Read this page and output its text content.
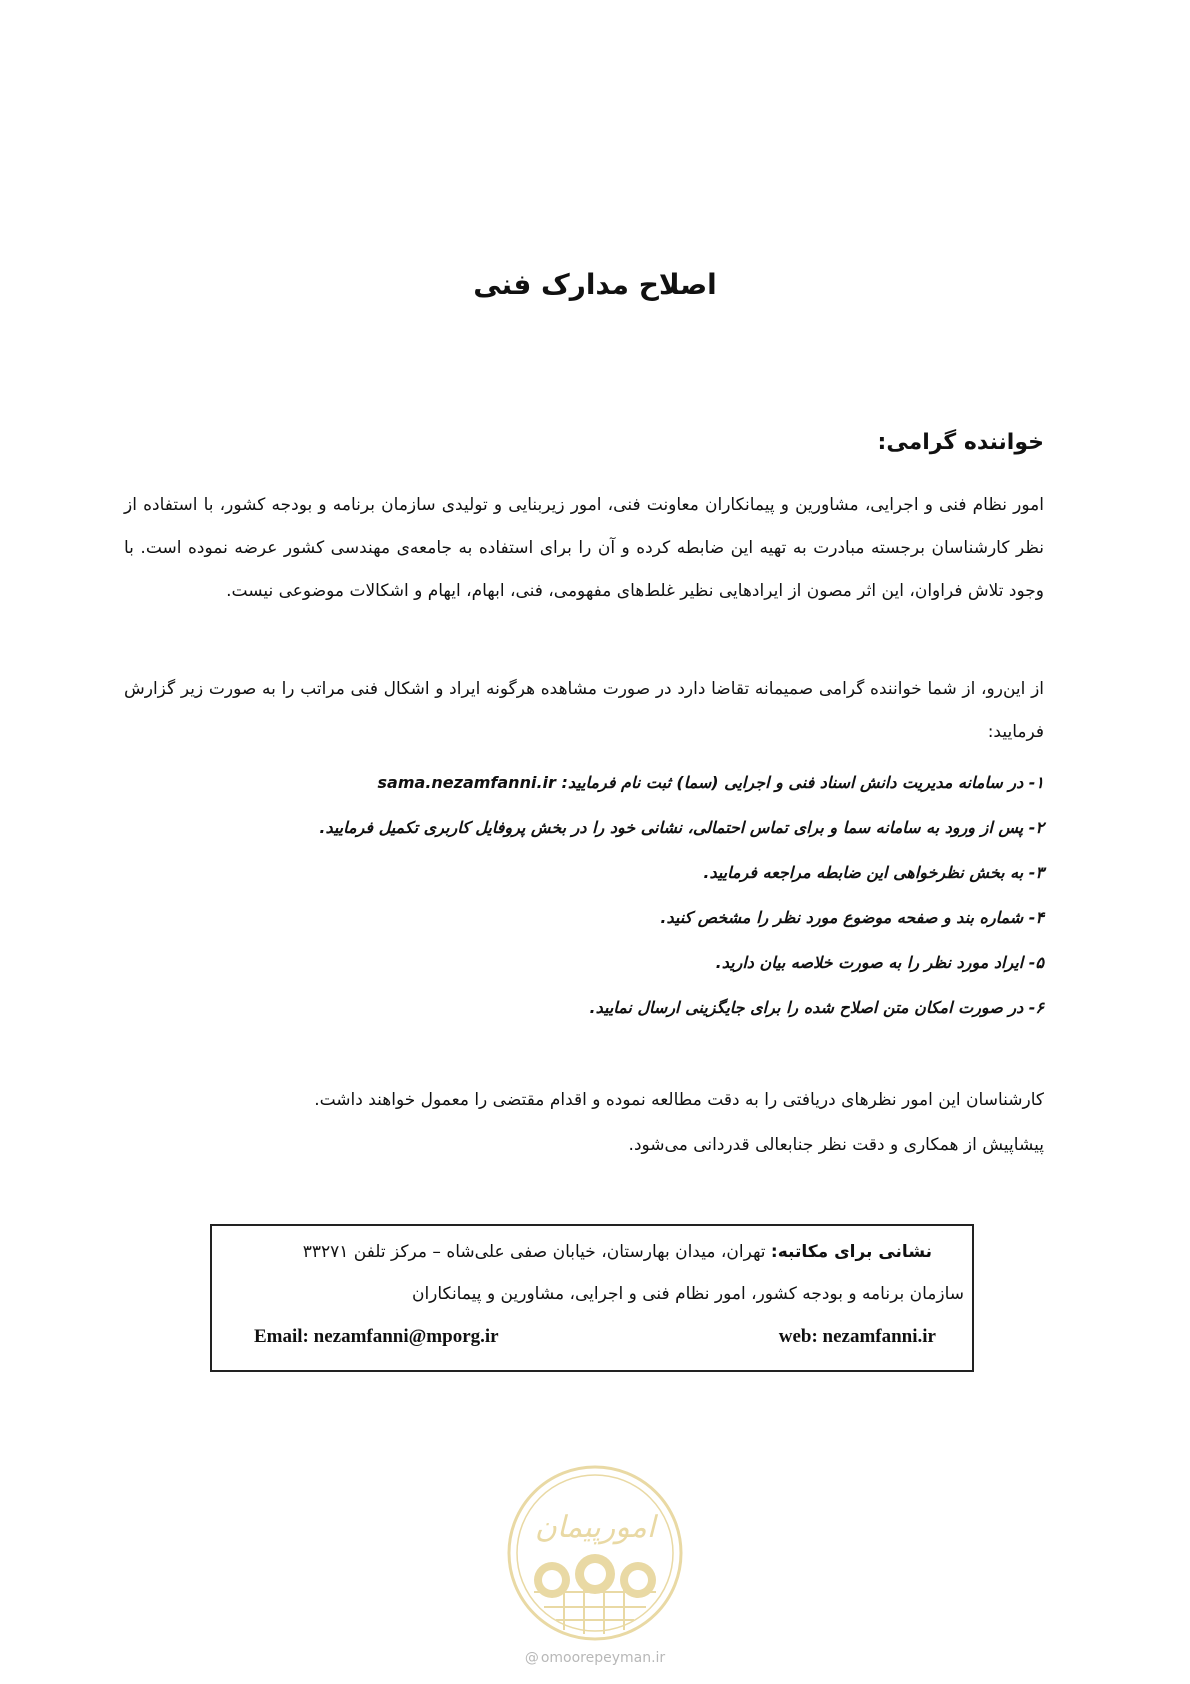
اصلاح مدارک فنی
خواننده گرامی:
امور نظام فنی و اجرایی، مشاورین و پیمانکاران معاونت فنی، امور زیربنایی و تولیدی سازمان برنامه و بودجه کشور، با استفاده از نظر کارشناسان برجسته مبادرت به تهیه این ضابطه کرده و آن را برای استفاده به جامعه‌ی مهندسی کشور عرضه نموده است. با وجود تلاش فراوان، این اثر مصون از ایرادهایی نظیر غلط‌های مفهومی، فنی، ابهام، ایهام و اشکالات موضوعی نیست.
از این‌رو، از شما خواننده گرامی صمیمانه تقاضا دارد در صورت مشاهده هرگونه ایراد و اشکال فنی مراتب را به صورت زیر گزارش فرمایید:
۱- در سامانه مدیریت دانش اسناد فنی و اجرایی (سما) ثبت نام فرمایید: sama.nezamfanni.ir
۲- پس از ورود به سامانه سما و برای تماس احتمالی، نشانی خود را در بخش پروفایل کاربری تکمیل فرمایید.
۳- به بخش نظرخواهی این ضابطه مراجعه فرمایید.
۴- شماره بند و صفحه موضوع مورد نظر را مشخص کنید.
۵- ایراد مورد نظر را به صورت خلاصه بیان دارید.
۶- در صورت امکان متن اصلاح شده را برای جایگزینی ارسال نمایید.
کارشناسان این امور نظرهای دریافتی را به دقت مطالعه نموده و اقدام مقتضی را معمول خواهند داشت.
پیشاپیش از همکاری و دقت نظر جنابعالی قدردانی می‌شود.
نشانی برای مکاتبه: تهران، میدان بهارستان، خیابان صفی علی‌شاه – مرکز تلفن ۳۳۲۷۱
سازمان برنامه و بودجه کشور، امور نظام فنی و اجرایی، مشاورین و پیمانکاران
web: nezamfanni.ir
Email: nezamfanni@mporg.ir
امورپیمان
@ omoorepeyman.ir
